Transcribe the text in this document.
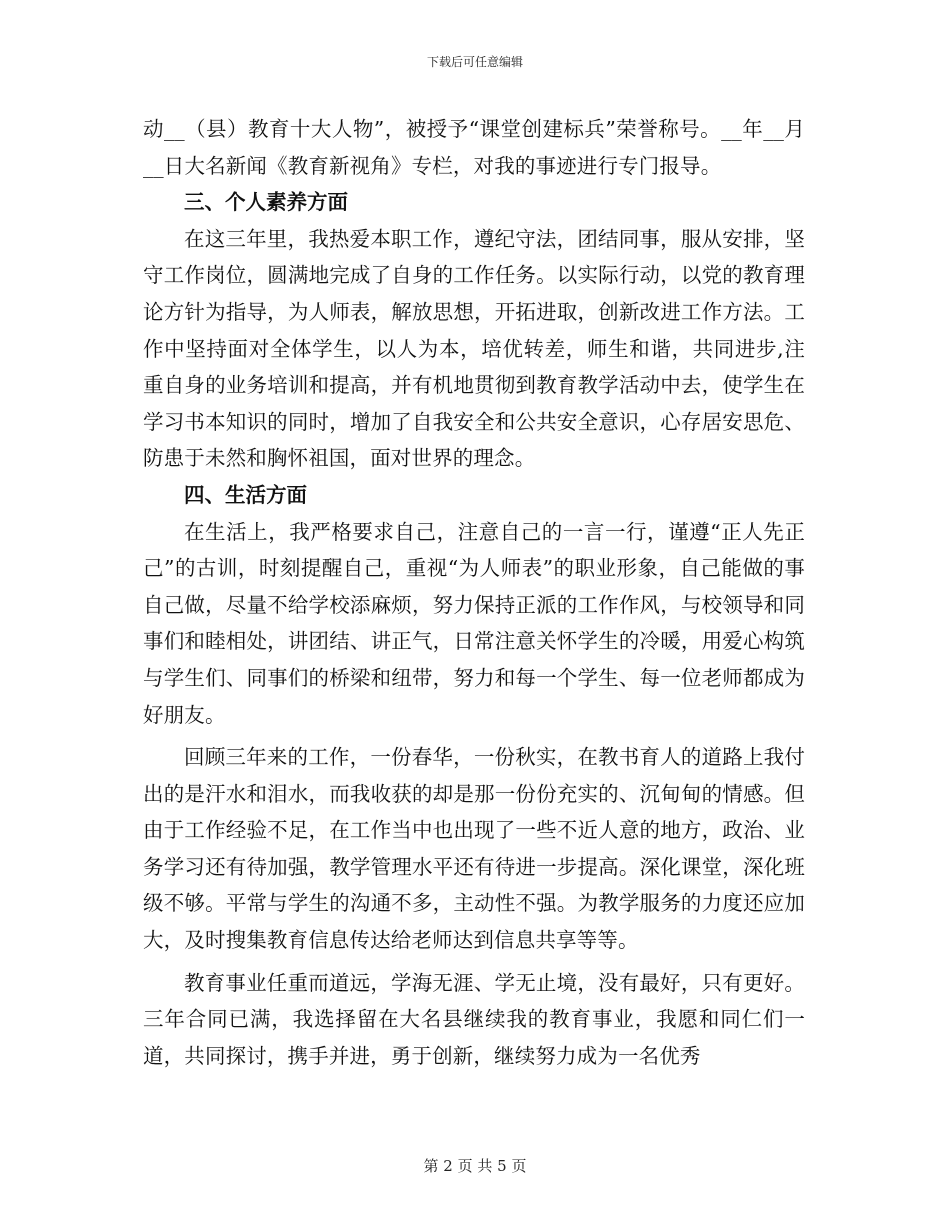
下载后可任意编辑

动__（县）教育十大人物”，被授予“课堂创建标兵”荣誉称号。__年__月__日大名新闻《教育新视角》专栏，对我的事迹进行专门报导。

三、个人素养方面

在这三年里，我热爱本职工作，遵纪守法，团结同事，服从安排，坚守工作岗位，圆满地完成了自身的工作任务。以实际行动，以党的教育理论方针为指导，为人师表，解放思想，开拓进取，创新改进工作方法。工作中坚持面对全体学生，以人为本，培优转差，师生和谐，共同进步,注重自身的业务培训和提高，并有机地贯彻到教育教学活动中去，使学生在学习书本知识的同时，增加了自我安全和公共安全意识，心存居安思危、防患于未然和胸怀祖国，面对世界的理念。

四、生活方面

在生活上，我严格要求自己，注意自己的一言一行，谨遵“正人先正己”的古训，时刻提醒自己，重视“为人师表”的职业形象，自己能做的事自己做，尽量不给学校添麻烦，努力保持正派的工作作风，与校领导和同事们和睦相处，讲团结、讲正气，日常注意关怀学生的冷暖，用爱心构筑与学生们、同事们的桥梁和纽带，努力和每一个学生、每一位老师都成为好朋友。

回顾三年来的工作，一份春华，一份秋实，在教书育人的道路上我付出的是汗水和泪水，而我收获的却是那一份份充实的、沉甸甸的情感。但由于工作经验不足，在工作当中也出现了一些不近人意的地方，政治、业务学习还有待加强，教学管理水平还有待进一步提高。深化课堂，深化班级不够。平常与学生的沟通不多，主动性不强。为教学服务的力度还应加大，及时搜集教育信息传达给老师达到信息共享等等。

教育事业任重而道远，学海无涯、学无止境，没有最好，只有更好。三年合同已满，我选择留在大名县继续我的教育事业，我愿和同仁们一道，共同探讨，携手并进，勇于创新，继续努力成为一名优秀

第 2 页 共 5 页
